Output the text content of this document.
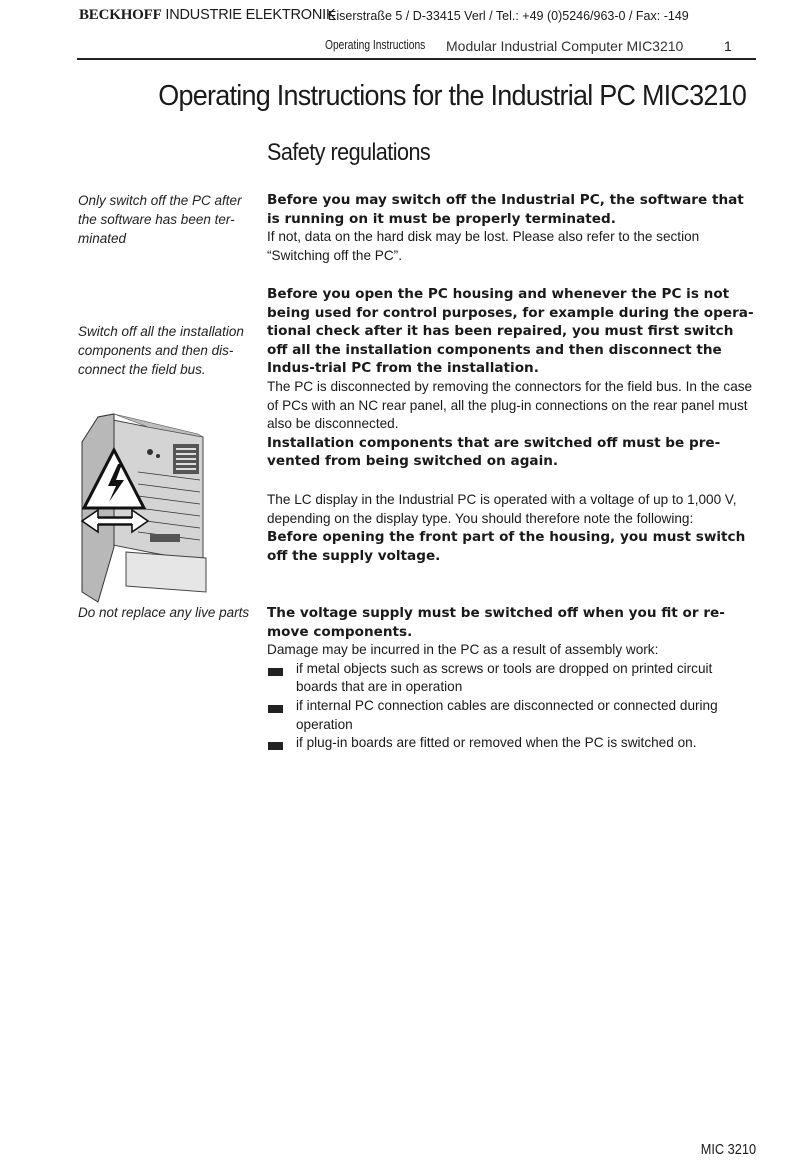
BECKHOFF INDUSTRIE ELEKTRONIK
Eiserstraße 5 / D-33415 Verl / Tel.: +49 (0)5246/963-0 / Fax: -149
Operating Instructions Modular Industrial Computer MIC3210	1
Operating Instructions for the Industrial PC MIC3210
Safety regulations
Only switch off the PC after the software has been ter-minated
Switch off all the installation components and then dis-connect the field bus.
Do not replace any live parts

Before you may switch off the Industrial PC, the software that is running on it must be properly terminated.

If not, data on the hard disk may be lost. Please also refer to the section “Switching off the PC”.

Before you open the PC housing and whenever the PC is not being used for control purposes, for example during the opera-tional check after it has been repaired, you must first switch off all the installation components and then disconnect the Indus-trial PC from the installation.

The PC is disconnected by removing the connectors for the field bus. In the case of PCs with an NC rear panel, all the plug-in connections on the rear panel must also be disconnected.

Installation components that are switched off must be pre-vented from being switched on again.

The LC display in the Industrial PC is operated with a voltage of up to 1,000 V, depending on the display type. You should therefore note the following:

Before opening the front part of the housing, you must switch off the supply voltage.

The voltage supply must be switched off when you fit or re-move components.

Damage may be incurred in the PC as a result of assembly work:

if metal objects such as screws or tools are dropped on printed circuit boards that are in operation
if internal PC connection cables are disconnected or connected during operation
if plug-in boards are fitted or removed when the PC is switched on.
MIC 3210
